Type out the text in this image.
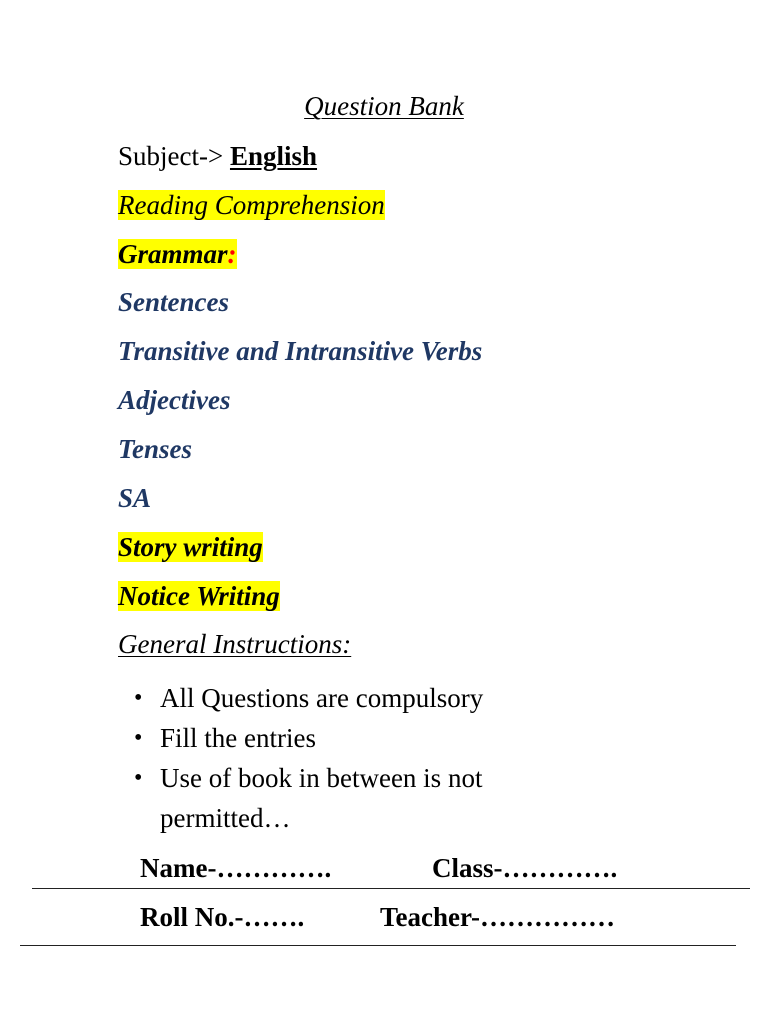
Question Bank
Subject-> English
Reading Comprehension
Grammar:
Sentences
Transitive and Intransitive Verbs
Adjectives
Tenses
SA
Story writing
Notice Writing
General Instructions:
• All Questions are compulsory
• Fill the entries
• Use of book in between is not permitted…
Name-………….	Class-………….
Roll No.-…….	Teacher-……………
